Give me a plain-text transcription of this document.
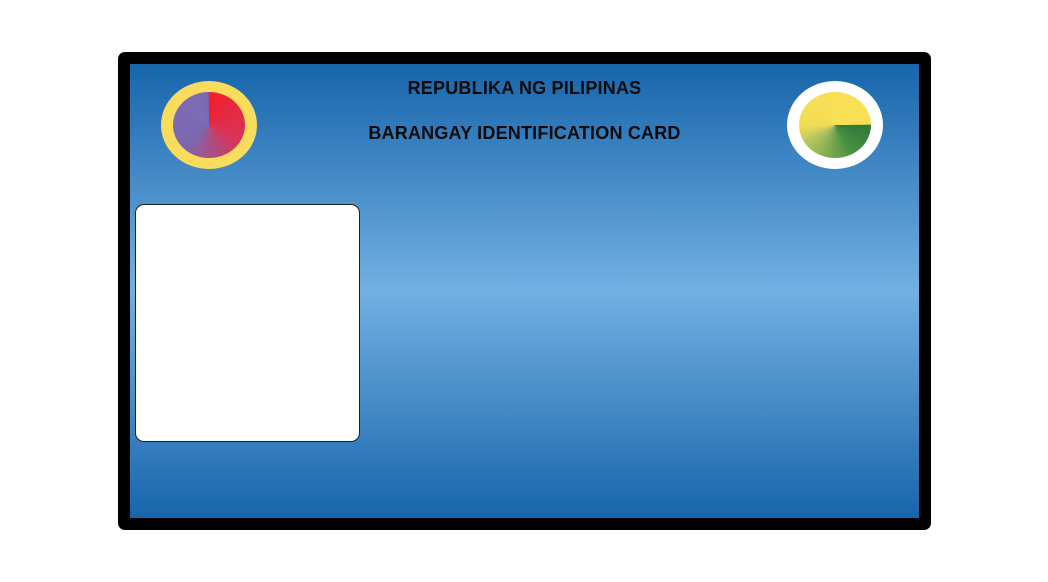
REPUBLIKA NG PILIPINAS
BARANGAY IDENTIFICATION CARD
